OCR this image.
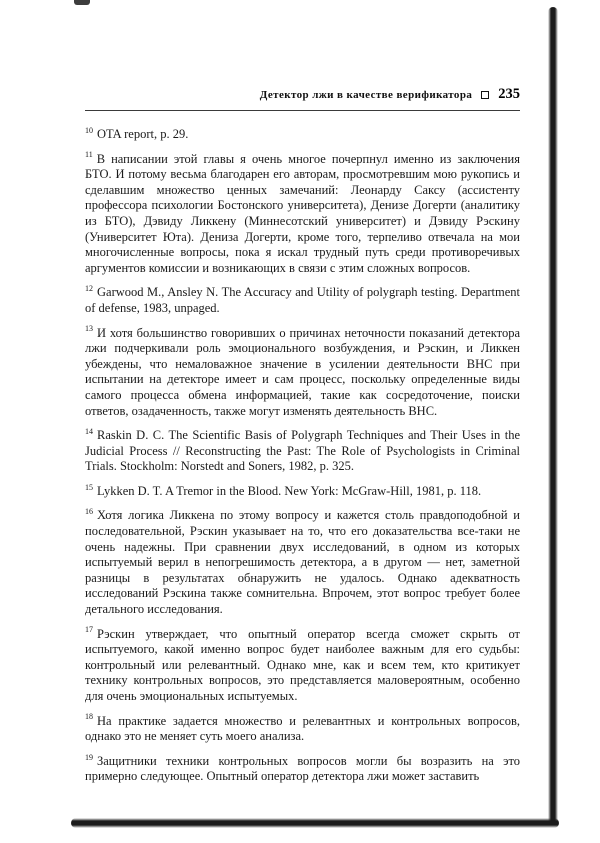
Детектор лжи в качестве верификатора 235

$^{10}$ OTA report, p. 29.

$^{11}$ В написании этой главы я очень многое почерпнул именно из заключения БТО. И потому весьма благодарен его авторам, просмотревшим мою рукопись и сделавшим множество ценных замечаний: Леонарду Саксу (ассистенту профессора психологии Бостонского университета), Денизе Догерти (аналитику из БТО), Дэвиду Ликкену (Миннесотский университет) и Дэвиду Рэскину (Университет Юта). Дениза Догерти, кроме того, терпеливо отвечала на мои многочисленные вопросы, пока я искал трудный путь среди противоречивых аргументов комиссии и возникающих в связи с этим сложных вопросов.

$^{12}$ Garwood M., Ansley N. The Accuracy and Utility of polygraph testing. Department of defense, 1983, unpaged.

$^{13}$ И хотя большинство говоривших о причинах неточности показаний детектора лжи подчеркивали роль эмоционального возбуждения, и Рэскин, и Ликкен убеждены, что немаловажное значение в усилении деятельности ВНС при испытании на детекторе имеет и сам процесс, поскольку определенные виды самого процесса обмена информацией, такие как сосредоточение, поиски ответов, озадаченность, также могут изменять деятельность ВНС.

$^{14}$ Raskin D. C. The Scientific Basis of Polygraph Techniques and Their Uses in the Judicial Process // Reconstructing the Past: The Role of Psychologists in Criminal Trials. Stockholm: Norstedt and Soners, 1982, p. 325.

$^{15}$ Lykken D. T. A Tremor in the Blood. New York: McGraw-Hill, 1981, p. 118.

$^{16}$ Хотя логика Ликкена по этому вопросу и кажется столь правдоподобной и последовательной, Рэскин указывает на то, что его доказательства все-таки не очень надежны. При сравнении двух исследований, в одном из которых испытуемый верил в непогрешимость детектора, а в другом — нет, заметной разницы в результатах обнаружить не удалось. Однако адекватность исследований Рэскина также сомнительна. Впрочем, этот вопрос требует более детального исследования.

$^{17}$ Рэскин утверждает, что опытный оператор всегда сможет скрыть от испытуемого, какой именно вопрос будет наиболее важным для его судьбы: контрольный или релевантный. Однако мне, как и всем тем, кто критикует технику контрольных вопросов, это представляется маловероятным, особенно для очень эмоциональных испытуемых.

$^{18}$ На практике задается множество и релевантных и контрольных вопросов, однако это не меняет суть моего анализа.

$^{19}$ Защитники техники контрольных вопросов могли бы возразить на это примерно следующее. Опытный оператор детектора лжи может заставить
